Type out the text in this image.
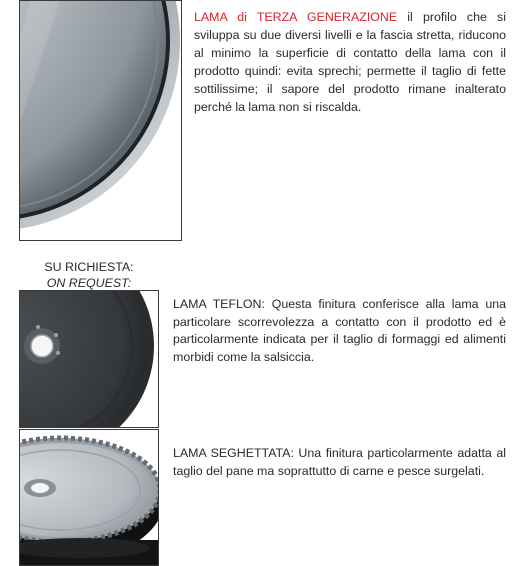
LAMA di TERZA GENERAZIONE il profilo che si sviluppa su due diversi livelli e la fascia stretta, riducono al minimo la superficie di contatto della lama con il prodotto quindi: evita sprechi; permette il taglio di fette sottilissime; il sapore del prodotto rimane inalterato perché la lama non si riscalda.
SU RICHIESTA:
ON REQUEST:
LAMA TEFLON: Questa finitura conferisce alla lama una particolare scorrevolezza a contatto con il prodotto ed è particolarmente indicata per il taglio di formaggi ed alimenti morbidi come la salsiccia.
LAMA SEGHETTATA: Una finitura particolarmente adatta al taglio del pane ma soprattutto di carne e pesce surgelati.
